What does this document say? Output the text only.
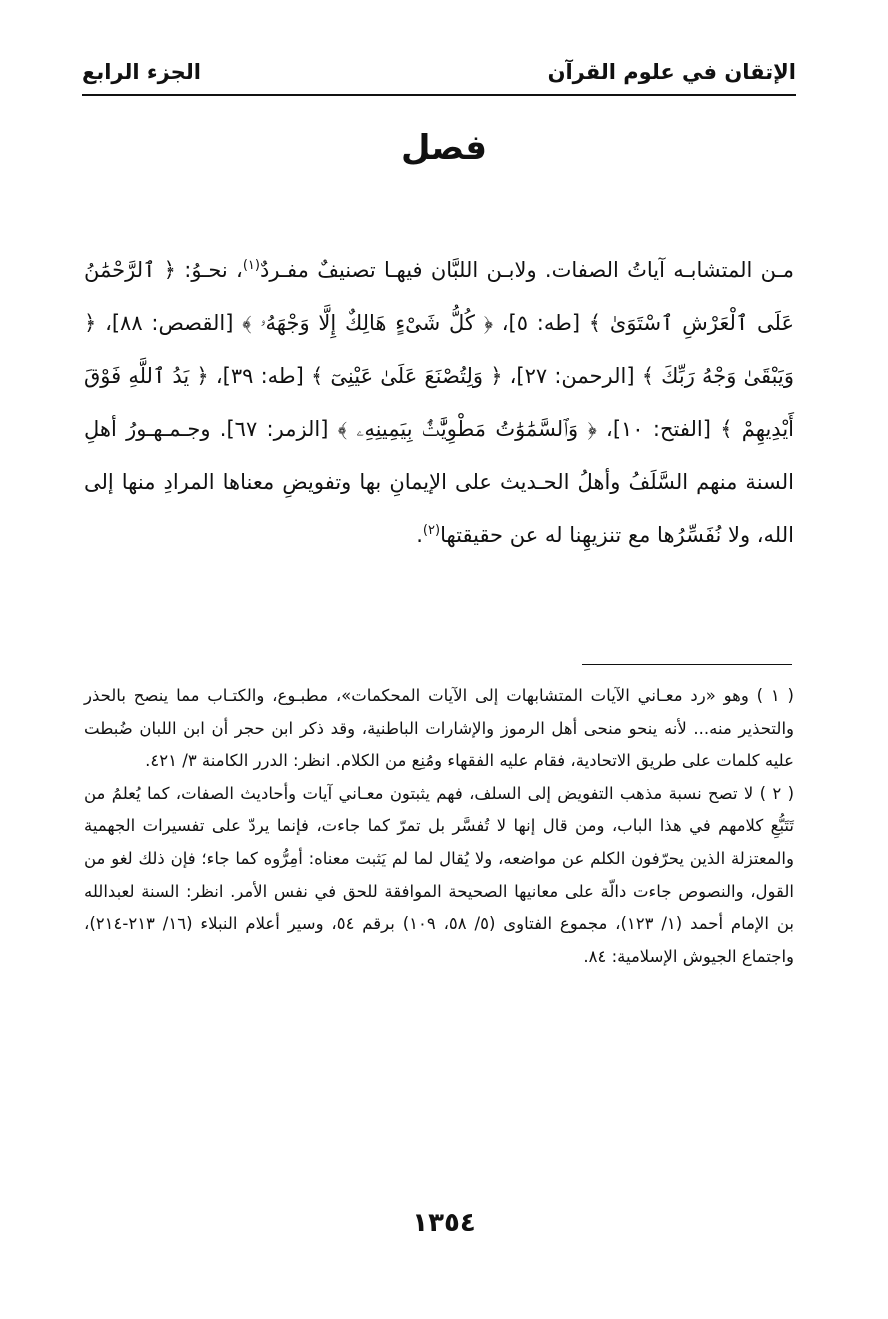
الإتقان في علوم القرآن
الجزء الرابع
فصل

مـن المتشابـه آياتُ الصفات. ولابـن اللبَّان فيهـا تصنيفٌ مفـردٌ$^{(١)}$، نحـوُ: ﴿ ٱلرَّحْمَٰنُ عَلَى ٱلْعَرْشِ ٱسْتَوَىٰ ﴾ [طه: ٥]، ﴿ كُلُّ شَىْءٍ هَالِكٌ إِلَّا وَجْهَهُۥ ﴾ [القصص: ٨٨]، ﴿ وَيَبْقَىٰ وَجْهُ رَبِّكَ ﴾ [الرحمن: ٢٧]، ﴿ وَلِتُصْنَعَ عَلَىٰ عَيْنِىٓ ﴾ [طه: ٣٩]، ﴿ يَدُ ٱللَّهِ فَوْقَ أَيْدِيهِمْ ﴾ [الفتح: ١٠]، ﴿ وَٱلسَّمَٰوَٰتُ مَطْوِيَّٰتٌۢ بِيَمِينِهِۦ ﴾ [الزمر: ٦٧]. وجـمـهـورُ أهلِ السنة منهم السَّلَفُ وأهلُ الحـديث على الإيمانِ بها وتفويضِ معناها المرادِ منها إلى الله، ولا نُفَسِّرُها مع تنزيهِنا له عن حقيقتها$^{(٢)}$.

( ١ ) وهو «رد معـاني الآيات المتشابهات إلى الآيات المحكمات»، مطبـوع، والكتـاب مما ينصح بالحذر والتحذير منه... لأنه ينحو منحى أهل الرموز والإشارات الباطنية، وقد ذكر ابن حجر أن ابن اللبان ضُبطت عليه كلمات على طريق الاتحادية، فقام عليه الفقهاء ومُنِع من الكلام. انظر: الدرر الكامنة ٣/ ٤٢١.

( ٢ ) لا تصح نسبة مذهب التفويض إلى السلف، فهم يثبتون معـاني آيات وأحاديث الصفات، كما يُعلمُ من تَتَبُّعِ كلامهم في هذا الباب، ومن قال إنها لا تُفسَّر بل تمرّ كما جاءت، فإنما يردّ على تفسيرات الجهمية والمعتزلة الذين يحرّفون الكلم عن مواضعه، ولا يُقال لما لم يَثبت معناه: أمِرُّوه كما جاء؛ فإن ذلك لغو من القول، والنصوص جاءت دالّة على معانيها الصحيحة الموافقة للحق في نفس الأمر. انظر: السنة لعبدالله بن الإمام أحمد (١/ ١٢٣)، مجموع الفتاوى (٥/ ٥٨، ١٠٩) برقم ٥٤، وسير أعلام النبلاء (١٦/ ٢١٣-٢١٤)، واجتماع الجيوش الإسلامية: ٨٤.

١٣٥٤
